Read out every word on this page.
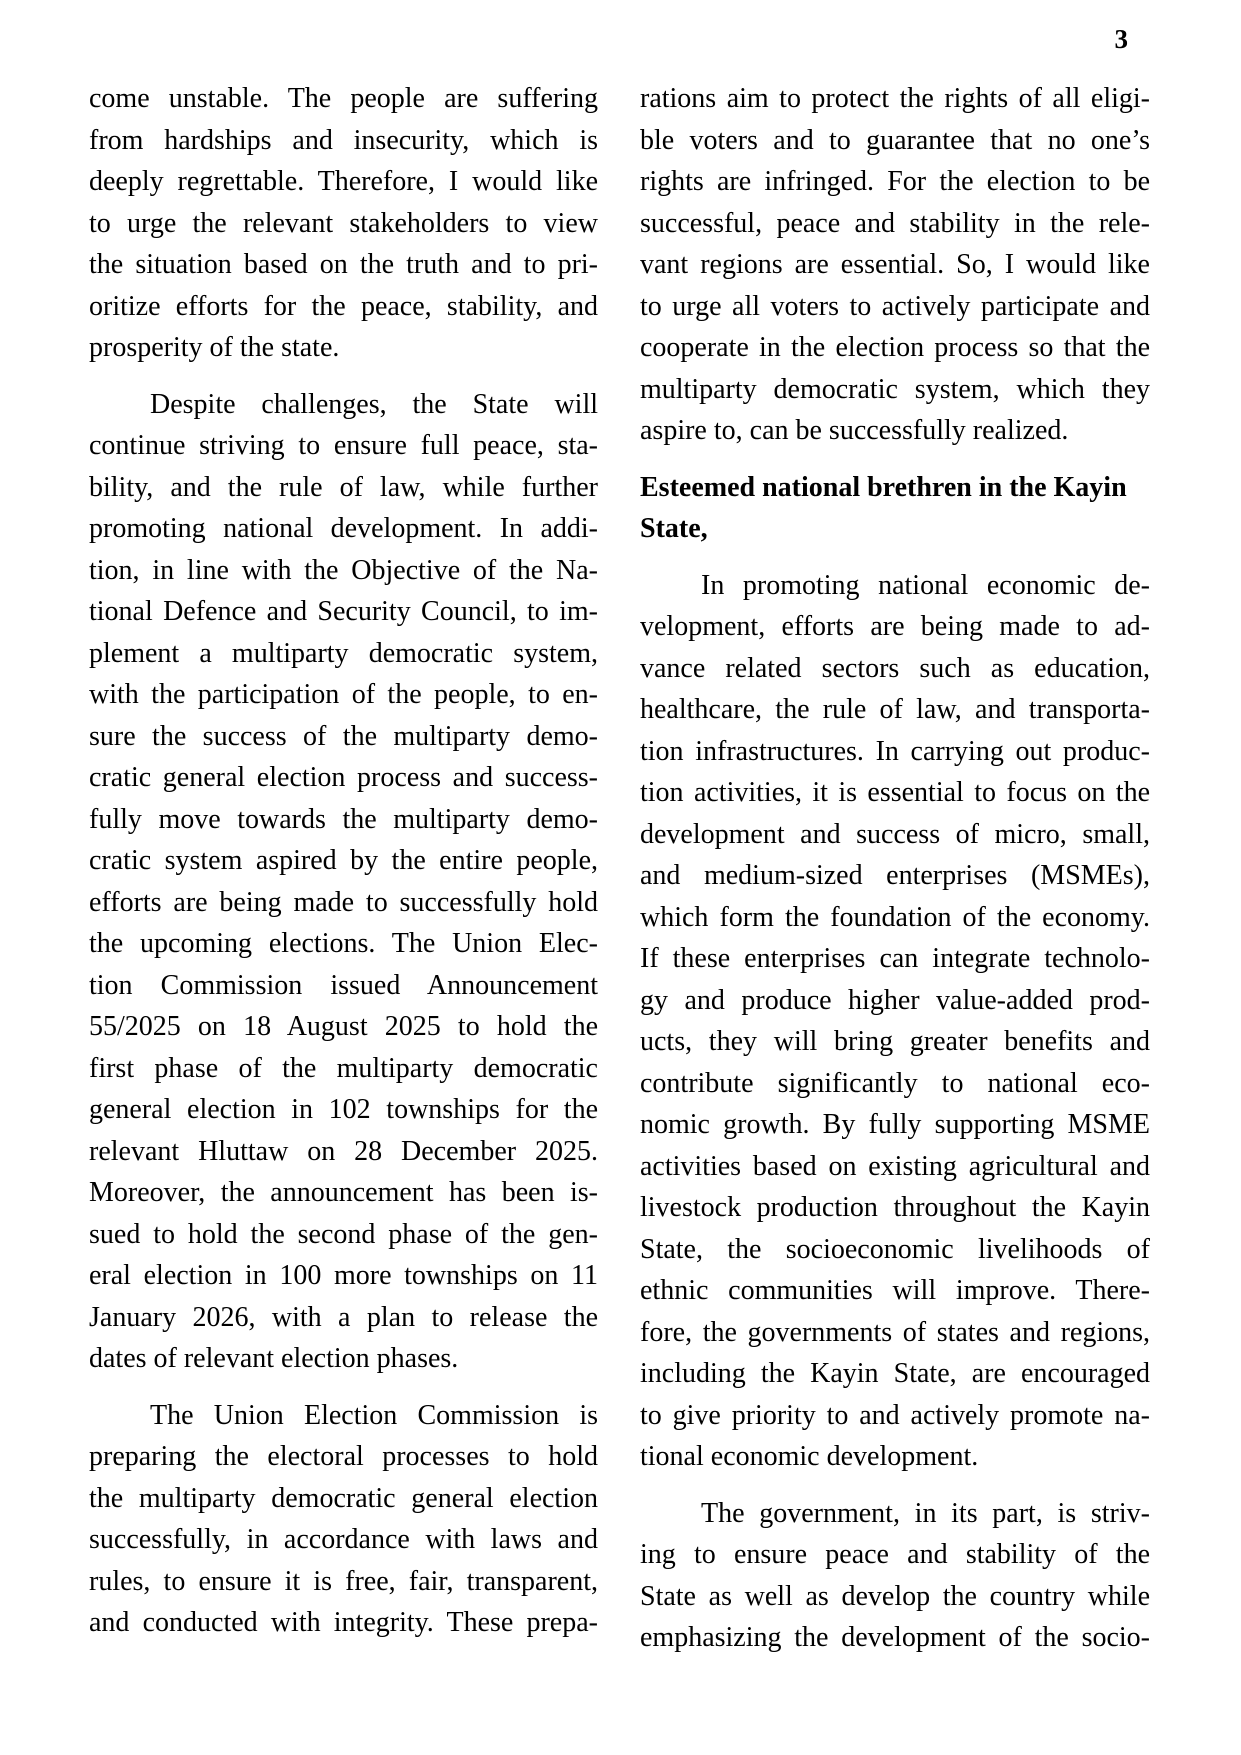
3
come unstable. The people are suffering
from hardships and insecurity, which is
deeply regrettable. Therefore, I would like
to urge the relevant stakeholders to view
the situation based on the truth and to pri-
oritize efforts for the peace, stability, and
prosperity of the state.
Despite challenges, the State will
continue striving to ensure full peace, sta-
bility, and the rule of law, while further
promoting national development. In addi-
tion, in line with the Objective of the Na-
tional Defence and Security Council, to im-
plement a multiparty democratic system,
with the participation of the people, to en-
sure the success of the multiparty demo-
cratic general election process and success-
fully move towards the multiparty demo-
cratic system aspired by the entire people,
efforts are being made to successfully hold
the upcoming elections. The Union Elec-
tion Commission issued Announcement
55/2025 on 18 August 2025 to hold the
first phase of the multiparty democratic
general election in 102 townships for the
relevant Hluttaw on 28 December 2025.
Moreover, the announcement has been is-
sued to hold the second phase of the gen-
eral election in 100 more townships on 11
January 2026, with a plan to release the
dates of relevant election phases.
The Union Election Commission is
preparing the electoral processes to hold
the multiparty democratic general election
successfully, in accordance with laws and
rules, to ensure it is free, fair, transparent,
and conducted with integrity. These prepa-
rations aim to protect the rights of all eligi-
ble voters and to guarantee that no one’s
rights are infringed. For the election to be
successful, peace and stability in the rele-
vant regions are essential. So, I would like
to urge all voters to actively participate and
cooperate in the election process so that the
multiparty democratic system, which they
aspire to, can be successfully realized.
Esteemed national brethren in the Kayin
State,
In promoting national economic de-
velopment, efforts are being made to ad-
vance related sectors such as education,
healthcare, the rule of law, and transporta-
tion infrastructures. In carrying out produc-
tion activities, it is essential to focus on the
development and success of micro, small,
and medium-sized enterprises (MSMEs),
which form the foundation of the economy.
If these enterprises can integrate technolo-
gy and produce higher value-added prod-
ucts, they will bring greater benefits and
contribute significantly to national eco-
nomic growth. By fully supporting MSME
activities based on existing agricultural and
livestock production throughout the Kayin
State, the socioeconomic livelihoods of
ethnic communities will improve. There-
fore, the governments of states and regions,
including the Kayin State, are encouraged
to give priority to and actively promote na-
tional economic development.
The government, in its part, is striv-
ing to ensure peace and stability of the
State as well as develop the country while
emphasizing the development of the socio-
